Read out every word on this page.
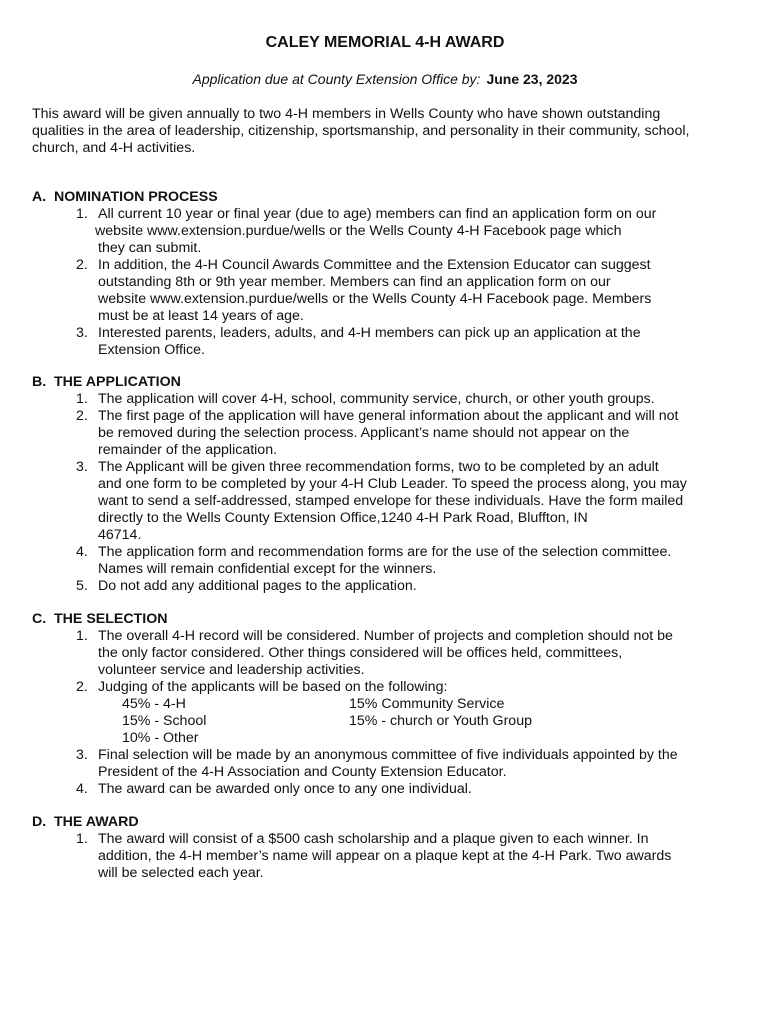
CALEY MEMORIAL 4-H AWARD
Application due at County Extension Office by: June 23, 2023
This award will be given annually to two 4-H members in Wells County who have shown outstanding
qualities in the area of leadership, citizenship, sportsmanship, and personality in their community, school,
church, and 4-H activities.
A. NOMINATION PROCESS
1. All current 10 year or final year (due to age) members can find an application form on our
website www.extension.purdue/wells or the Wells County 4-H Facebook page which
they can submit.
2. In addition, the 4-H Council Awards Committee and the Extension Educator can suggest
outstanding 8th or 9th year member. Members can find an application form on our
website www.extension.purdue/wells or the Wells County 4-H Facebook page. Members
must be at least 14 years of age.
3. Interested parents, leaders, adults, and 4-H members can pick up an application at the
Extension Office.
B. THE APPLICATION
1. The application will cover 4-H, school, community service, church, or other youth groups.
2. The first page of the application will have general information about the applicant and will not
be removed during the selection process. Applicant’s name should not appear on the
remainder of the application.
3. The Applicant will be given three recommendation forms, two to be completed by an adult
and one form to be completed by your 4-H Club Leader. To speed the process along, you may
want to send a self-addressed, stamped envelope for these individuals. Have the form mailed
directly to the Wells County Extension Office,1240 4-H Park Road, Bluffton, IN
46714.
4. The application form and recommendation forms are for the use of the selection committee.
Names will remain confidential except for the winners.
5. Do not add any additional pages to the application.
C. THE SELECTION
1. The overall 4-H record will be considered. Number of projects and completion should not be
the only factor considered. Other things considered will be offices held, committees,
volunteer service and leadership activities.
2. Judging of the applicants will be based on the following:
45% - 4-H	15% Community Service
15% - School	15% - church or Youth Group
10% - Other
3. Final selection will be made by an anonymous committee of five individuals appointed by the
President of the 4-H Association and County Extension Educator.
4. The award can be awarded only once to any one individual.
D. THE AWARD
1. The award will consist of a $500 cash scholarship and a plaque given to each winner. In
addition, the 4-H member’s name will appear on a plaque kept at the 4-H Park. Two awards
will be selected each year.
